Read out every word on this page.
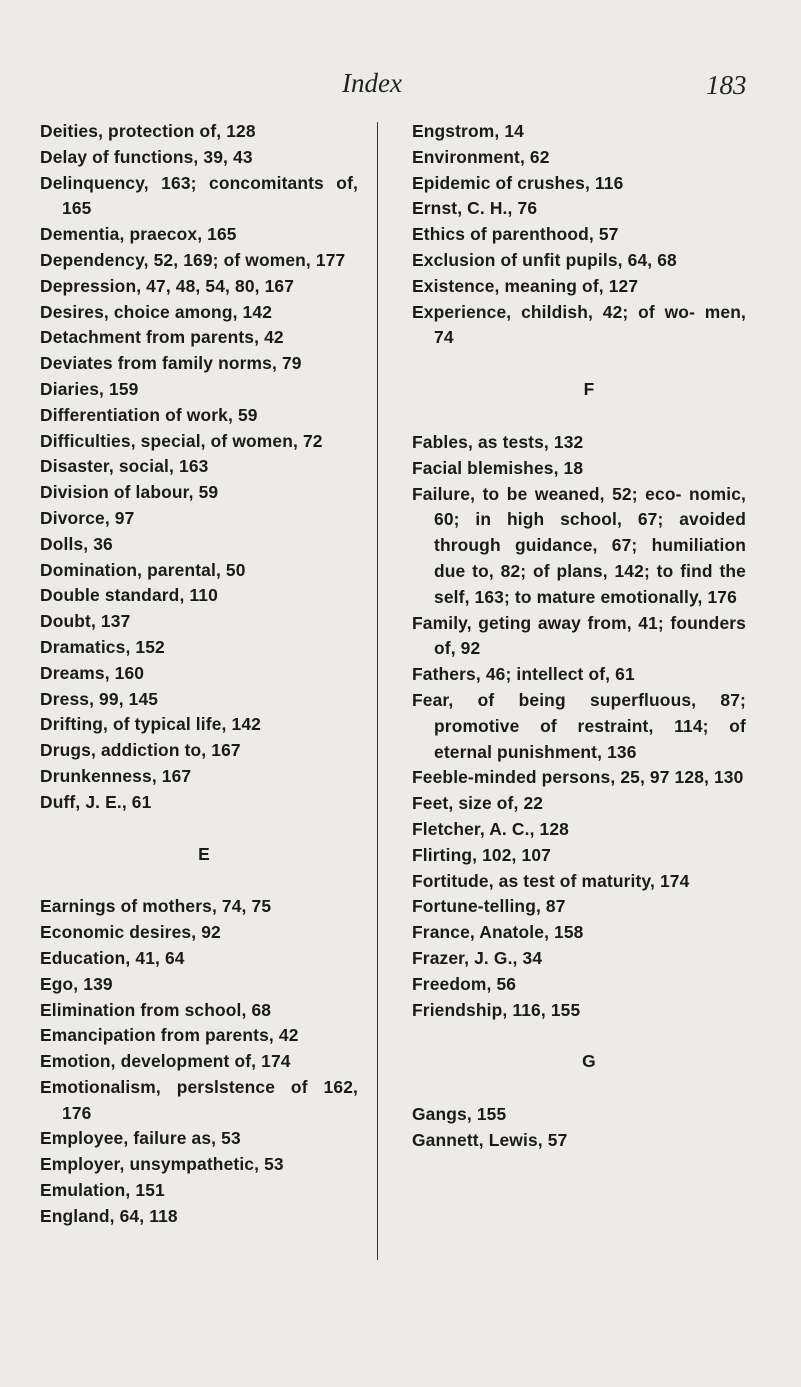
Index	183
Deities, protection of, 128
Delay of functions, 39, 43
Delinquency, 163; concomitants of, 165
Dementia, praecox, 165
Dependency, 52, 169; of women, 177
Depression, 47, 48, 54, 80, 167
Desires, choice among, 142
Detachment from parents, 42
Deviates from family norms, 79
Diaries, 159
Differentiation of work, 59
Difficulties, special, of women, 72
Disaster, social, 163
Division of labour, 59
Divorce, 97
Dolls, 36
Domination, parental, 50
Double standard, 110
Doubt, 137
Dramatics, 152
Dreams, 160
Dress, 99, 145
Drifting, of typical life, 142
Drugs, addiction to, 167
Drunkenness, 167
Duff, J. E., 61
E
Earnings of mothers, 74, 75
Economic desires, 92
Education, 41, 64
Ego, 139
Elimination from school, 68
Emancipation from parents, 42
Emotion, development of, 174
Emotionalism, perslstence of 162, 176
Employee, failure as, 53
Employer, unsympathetic, 53
Emulation, 151
England, 64, 118
Engstrom, 14
Environment, 62
Epidemic of crushes, 116
Ernst, C. H., 76
Ethics of parenthood, 57
Exclusion of unfit pupils, 64, 68
Existence, meaning of, 127
Experience, childish, 42; of wo- men, 74
F
Fables, as tests, 132
Facial blemishes, 18
Failure, to be weaned, 52; eco- nomic, 60; in high school, 67; avoided through guidance, 67; humiliation due to, 82; of plans, 142; to find the self, 163; to mature emotionally, 176
Family, geting away from, 41; founders of, 92
Fathers, 46; intellect of, 61
Fear, of being superfluous, 87; promotive of restraint, 114; of eternal punishment, 136
Feeble-minded persons, 25, 97 128, 130
Feet, size of, 22
Fletcher, A. C., 128
Flirting, 102, 107
Fortitude, as test of maturity, 174
Fortune-telling, 87
France, Anatole, 158
Frazer, J. G., 34
Freedom, 56
Friendship, 116, 155
G
Gangs, 155
Gannett, Lewis, 57
